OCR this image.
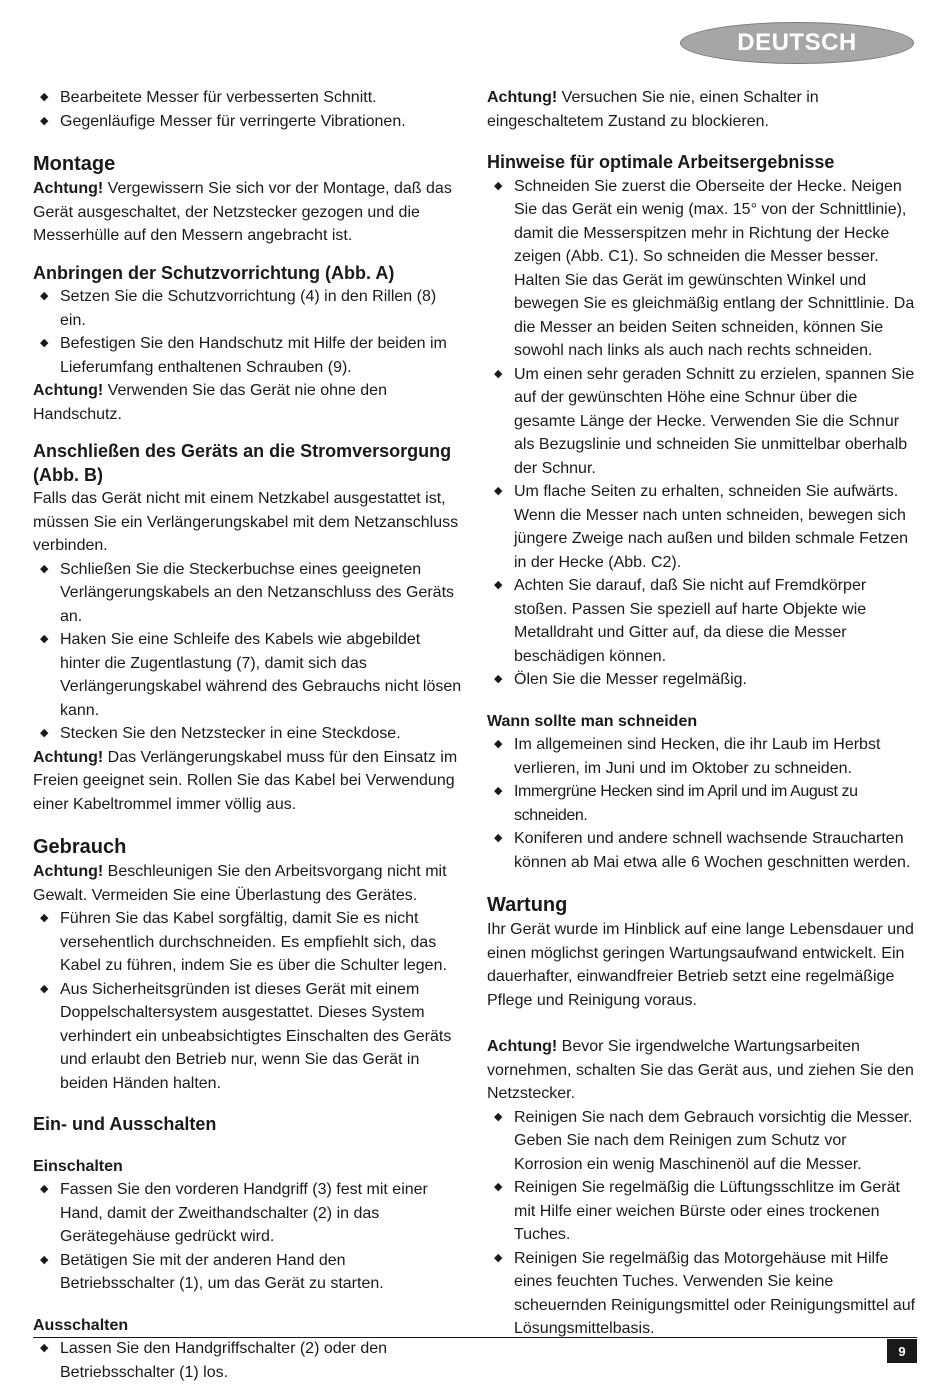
DEUTSCH
◆ Bearbeitete Messer für verbesserten Schnitt.
◆ Gegenläufige Messer für verringerte Vibrationen.
Montage

Achtung! Vergewissern Sie sich vor der Montage, daß das Gerät ausgeschaltet, der Netzstecker gezogen und die Messerhülle auf den Messern angebracht ist.

Anbringen der Schutzvorrichtung (Abb. A)
◆ Setzen Sie die Schutzvorrichtung (4) in den Rillen (8) ein.
◆ Befestigen Sie den Handschutz mit Hilfe der beiden im Lieferumfang enthaltenen Schrauben (9).

Achtung! Verwenden Sie das Gerät nie ohne den Handschutz.

Anschließen des Geräts an die Stromversorgung (Abb. B)

Falls das Gerät nicht mit einem Netzkabel ausgestattet ist, müssen Sie ein Verlängerungskabel mit dem Netzanschluss verbinden.

◆ Schließen Sie die Steckerbuchse eines geeigneten Verlängerungskabels an den Netzanschluss des Geräts an.
◆ Haken Sie eine Schleife des Kabels wie abgebildet hinter die Zugentlastung (7), damit sich das Verlängerungskabel während des Gebrauchs nicht lösen kann.
◆ Stecken Sie den Netzstecker in eine Steckdose.

Achtung! Das Verlängerungskabel muss für den Einsatz im Freien geeignet sein. Rollen Sie das Kabel bei Verwendung einer Kabeltrommel immer völlig aus.

Gebrauch

Achtung! Beschleunigen Sie den Arbeitsvorgang nicht mit Gewalt. Vermeiden Sie eine Überlastung des Gerätes.

◆ Führen Sie das Kabel sorgfältig, damit Sie es nicht versehentlich durchschneiden. Es empfiehlt sich, das Kabel zu führen, indem Sie es über die Schulter legen.
◆ Aus Sicherheitsgründen ist dieses Gerät mit einem Doppelschaltersystem ausgestattet. Dieses System verhindert ein unbeabsichtigtes Einschalten des Geräts und erlaubt den Betrieb nur, wenn Sie das Gerät in beiden Händen halten.
Ein- und Ausschalten
Einschalten
◆ Fassen Sie den vorderen Handgriff (3) fest mit einer Hand, damit der Zweithandschalter (2) in das Gerätegehäuse gedrückt wird.
◆ Betätigen Sie mit der anderen Hand den Betriebsschalter (1), um das Gerät zu starten.
Ausschalten
◆ Lassen Sie den Handgriffschalter (2) oder den Betriebsschalter (1) los.

Achtung! Versuchen Sie nie, einen Schalter in eingeschaltetem Zustand zu blockieren.

Hinweise für optimale Arbeitsergebnisse
◆ Schneiden Sie zuerst die Oberseite der Hecke. Neigen Sie das Gerät ein wenig (max. 15° von der Schnittlinie), damit die Messerspitzen mehr in Richtung der Hecke zeigen (Abb. C1). So schneiden die Messer besser. Halten Sie das Gerät im gewünschten Winkel und bewegen Sie es gleichmäßig entlang der Schnittlinie. Da die Messer an beiden Seiten schneiden, können Sie sowohl nach links als auch nach rechts schneiden.
◆ Um einen sehr geraden Schnitt zu erzielen, spannen Sie auf der gewünschten Höhe eine Schnur über die gesamte Länge der Hecke. Verwenden Sie die Schnur als Bezugslinie und schneiden Sie unmittelbar oberhalb der Schnur.
◆ Um flache Seiten zu erhalten, schneiden Sie aufwärts. Wenn die Messer nach unten schneiden, bewegen sich jüngere Zweige nach außen und bilden schmale Fetzen in der Hecke (Abb. C2).
◆ Achten Sie darauf, daß Sie nicht auf Fremdkörper stoßen. Passen Sie speziell auf harte Objekte wie Metalldraht und Gitter auf, da diese die Messer beschädigen können.
◆ Ölen Sie die Messer regelmäßig.
Wann sollte man schneiden
◆ Im allgemeinen sind Hecken, die ihr Laub im Herbst verlieren, im Juni und im Oktober zu schneiden.
◆ Immergrüne Hecken sind im April und im August zu schneiden.
◆ Koniferen und andere schnell wachsende Straucharten können ab Mai etwa alle 6 Wochen geschnitten werden.
Wartung

Ihr Gerät wurde im Hinblick auf eine lange Lebensdauer und einen möglichst geringen Wartungsaufwand entwickelt. Ein dauerhafter, einwandfreier Betrieb setzt eine regelmäßige Pflege und Reinigung voraus.

Achtung! Bevor Sie irgendwelche Wartungsarbeiten vornehmen, schalten Sie das Gerät aus, und ziehen Sie den Netzstecker.

◆ Reinigen Sie nach dem Gebrauch vorsichtig die Messer. Geben Sie nach dem Reinigen zum Schutz vor Korrosion ein wenig Maschinenöl auf die Messer.
◆ Reinigen Sie regelmäßig die Lüftungsschlitze im Gerät mit Hilfe einer weichen Bürste oder eines trockenen Tuches.
◆ Reinigen Sie regelmäßig das Motorgehäuse mit Hilfe eines feuchten Tuches. Verwenden Sie keine scheuernden Reinigungsmittel oder Reinigungsmittel auf Lösungsmittelbasis.
9
